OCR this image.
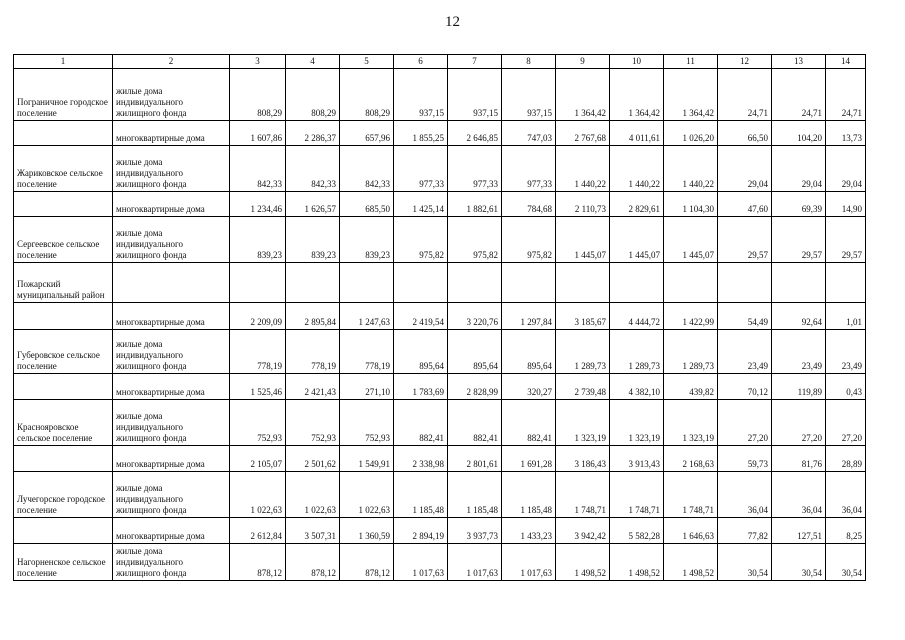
12
1	2	3	4	5	6	7	8	9	10	11	12	13	14
Пограничное городское поселение	жилые дома индивидуального жилищного фонда	808,29	808,29	808,29	937,15	937,15	937,15	1 364,42	1 364,42	1 364,42	24,71	24,71	24,71
	многоквартирные дома	1 607,86	2 286,37	657,96	1 855,25	2 646,85	747,03	2 767,68	4 011,61	1 026,20	66,50	104,20	13,73
Жариковское сельское поселение	жилые дома индивидуального жилищного фонда	842,33	842,33	842,33	977,33	977,33	977,33	1 440,22	1 440,22	1 440,22	29,04	29,04	29,04
	многоквартирные дома	1 234,46	1 626,57	685,50	1 425,14	1 882,61	784,68	2 110,73	2 829,61	1 104,30	47,60	69,39	14,90
Сергеевское сельское поселение	жилые дома индивидуального жилищного фонда	839,23	839,23	839,23	975,82	975,82	975,82	1 445,07	1 445,07	1 445,07	29,57	29,57	29,57
Пожарский муниципальный район													
	многоквартирные дома	2 209,09	2 895,84	1 247,63	2 419,54	3 220,76	1 297,84	3 185,67	4 444,72	1 422,99	54,49	92,64	1,01
Губеровское сельское поселение	жилые дома индивидуального жилищного фонда	778,19	778,19	778,19	895,64	895,64	895,64	1 289,73	1 289,73	1 289,73	23,49	23,49	23,49
	многоквартирные дома	1 525,46	2 421,43	271,10	1 783,69	2 828,99	320,27	2 739,48	4 382,10	439,82	70,12	119,89	0,43
Краснояровское сельское поселение	жилые дома индивидуального жилищного фонда	752,93	752,93	752,93	882,41	882,41	882,41	1 323,19	1 323,19	1 323,19	27,20	27,20	27,20
	многоквартирные дома	2 105,07	2 501,62	1 549,91	2 338,98	2 801,61	1 691,28	3 186,43	3 913,43	2 168,63	59,73	81,76	28,89
Лучегорское городское поселение	жилые дома индивидуального жилищного фонда	1 022,63	1 022,63	1 022,63	1 185,48	1 185,48	1 185,48	1 748,71	1 748,71	1 748,71	36,04	36,04	36,04
	многоквартирные дома	2 612,84	3 507,31	1 360,59	2 894,19	3 937,73	1 433,23	3 942,42	5 582,28	1 646,63	77,82	127,51	8,25
Нагорненское сельское поселение	жилые дома индивидуального жилищного фонда	878,12	878,12	878,12	1 017,63	1 017,63	1 017,63	1 498,52	1 498,52	1 498,52	30,54	30,54	30,54
